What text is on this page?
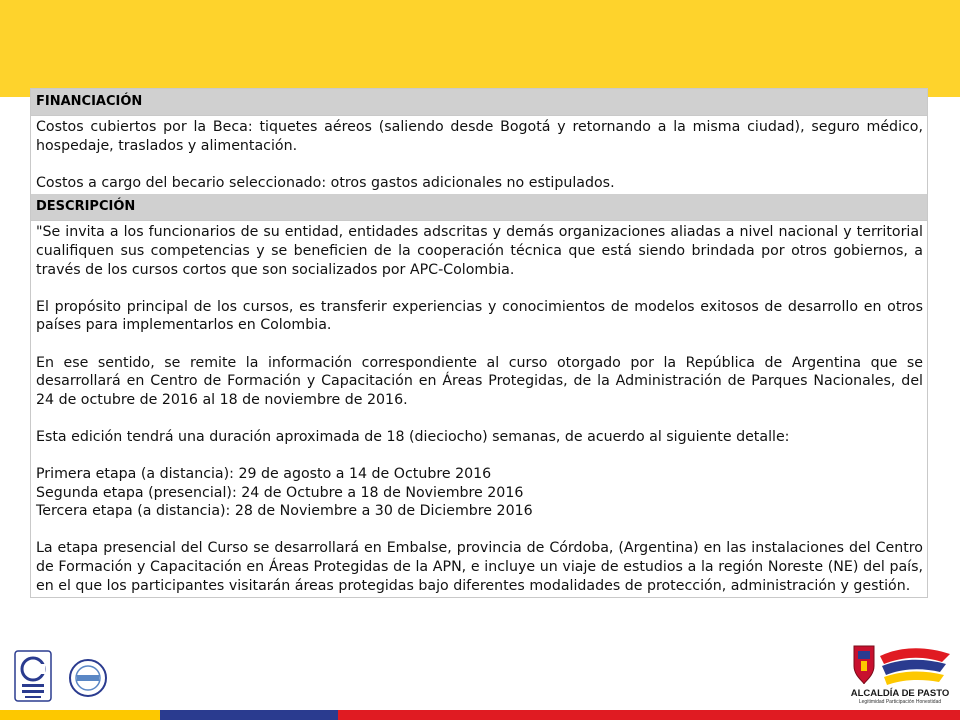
FINANCIACIÓN

Costos cubiertos por la Beca: tiquetes aéreos (saliendo desde Bogotá y retornando a la misma ciudad), seguro médico, hospedaje, traslados y alimentación.

Costos a cargo del becario seleccionado: otros gastos adicionales no estipulados.

DESCRIPCIÓN

"Se invita a los funcionarios de su entidad, entidades adscritas y demás organizaciones aliadas a nivel nacional y territorial cualifiquen sus competencias y se beneficien de la cooperación técnica que está siendo brindada por otros gobiernos, a través de los cursos cortos que son socializados por APC-Colombia.

El propósito principal de los cursos, es transferir experiencias y conocimientos de modelos exitosos de desarrollo en otros países para implementarlos en Colombia.

En ese sentido, se remite la información correspondiente al curso otorgado por la República de Argentina que se desarrollará en Centro de Formación y Capacitación en Áreas Protegidas, de la Administración de Parques Nacionales, del 24 de octubre de 2016 al 18 de noviembre de 2016.

Esta edición tendrá una duración aproximada de 18 (dieciocho) semanas, de acuerdo al siguiente detalle:

Primera etapa (a distancia): 29 de agosto a 14 de Octubre 2016

Segunda etapa (presencial): 24 de Octubre a 18 de Noviembre 2016

Tercera etapa (a distancia): 28 de Noviembre a 30 de Diciembre 2016

La etapa presencial del Curso se desarrollará en Embalse, provincia de Córdoba, (Argentina) en las instalaciones del Centro de Formación y Capacitación en Áreas Protegidas de la APN, e incluye un viaje de estudios a la región Noreste (NE) del país, en el que los participantes visitarán áreas protegidas bajo diferentes modalidades de protección, administración y gestión.

ALCALDÍA DE PASTO
Legitimidad Participación Honestidad
